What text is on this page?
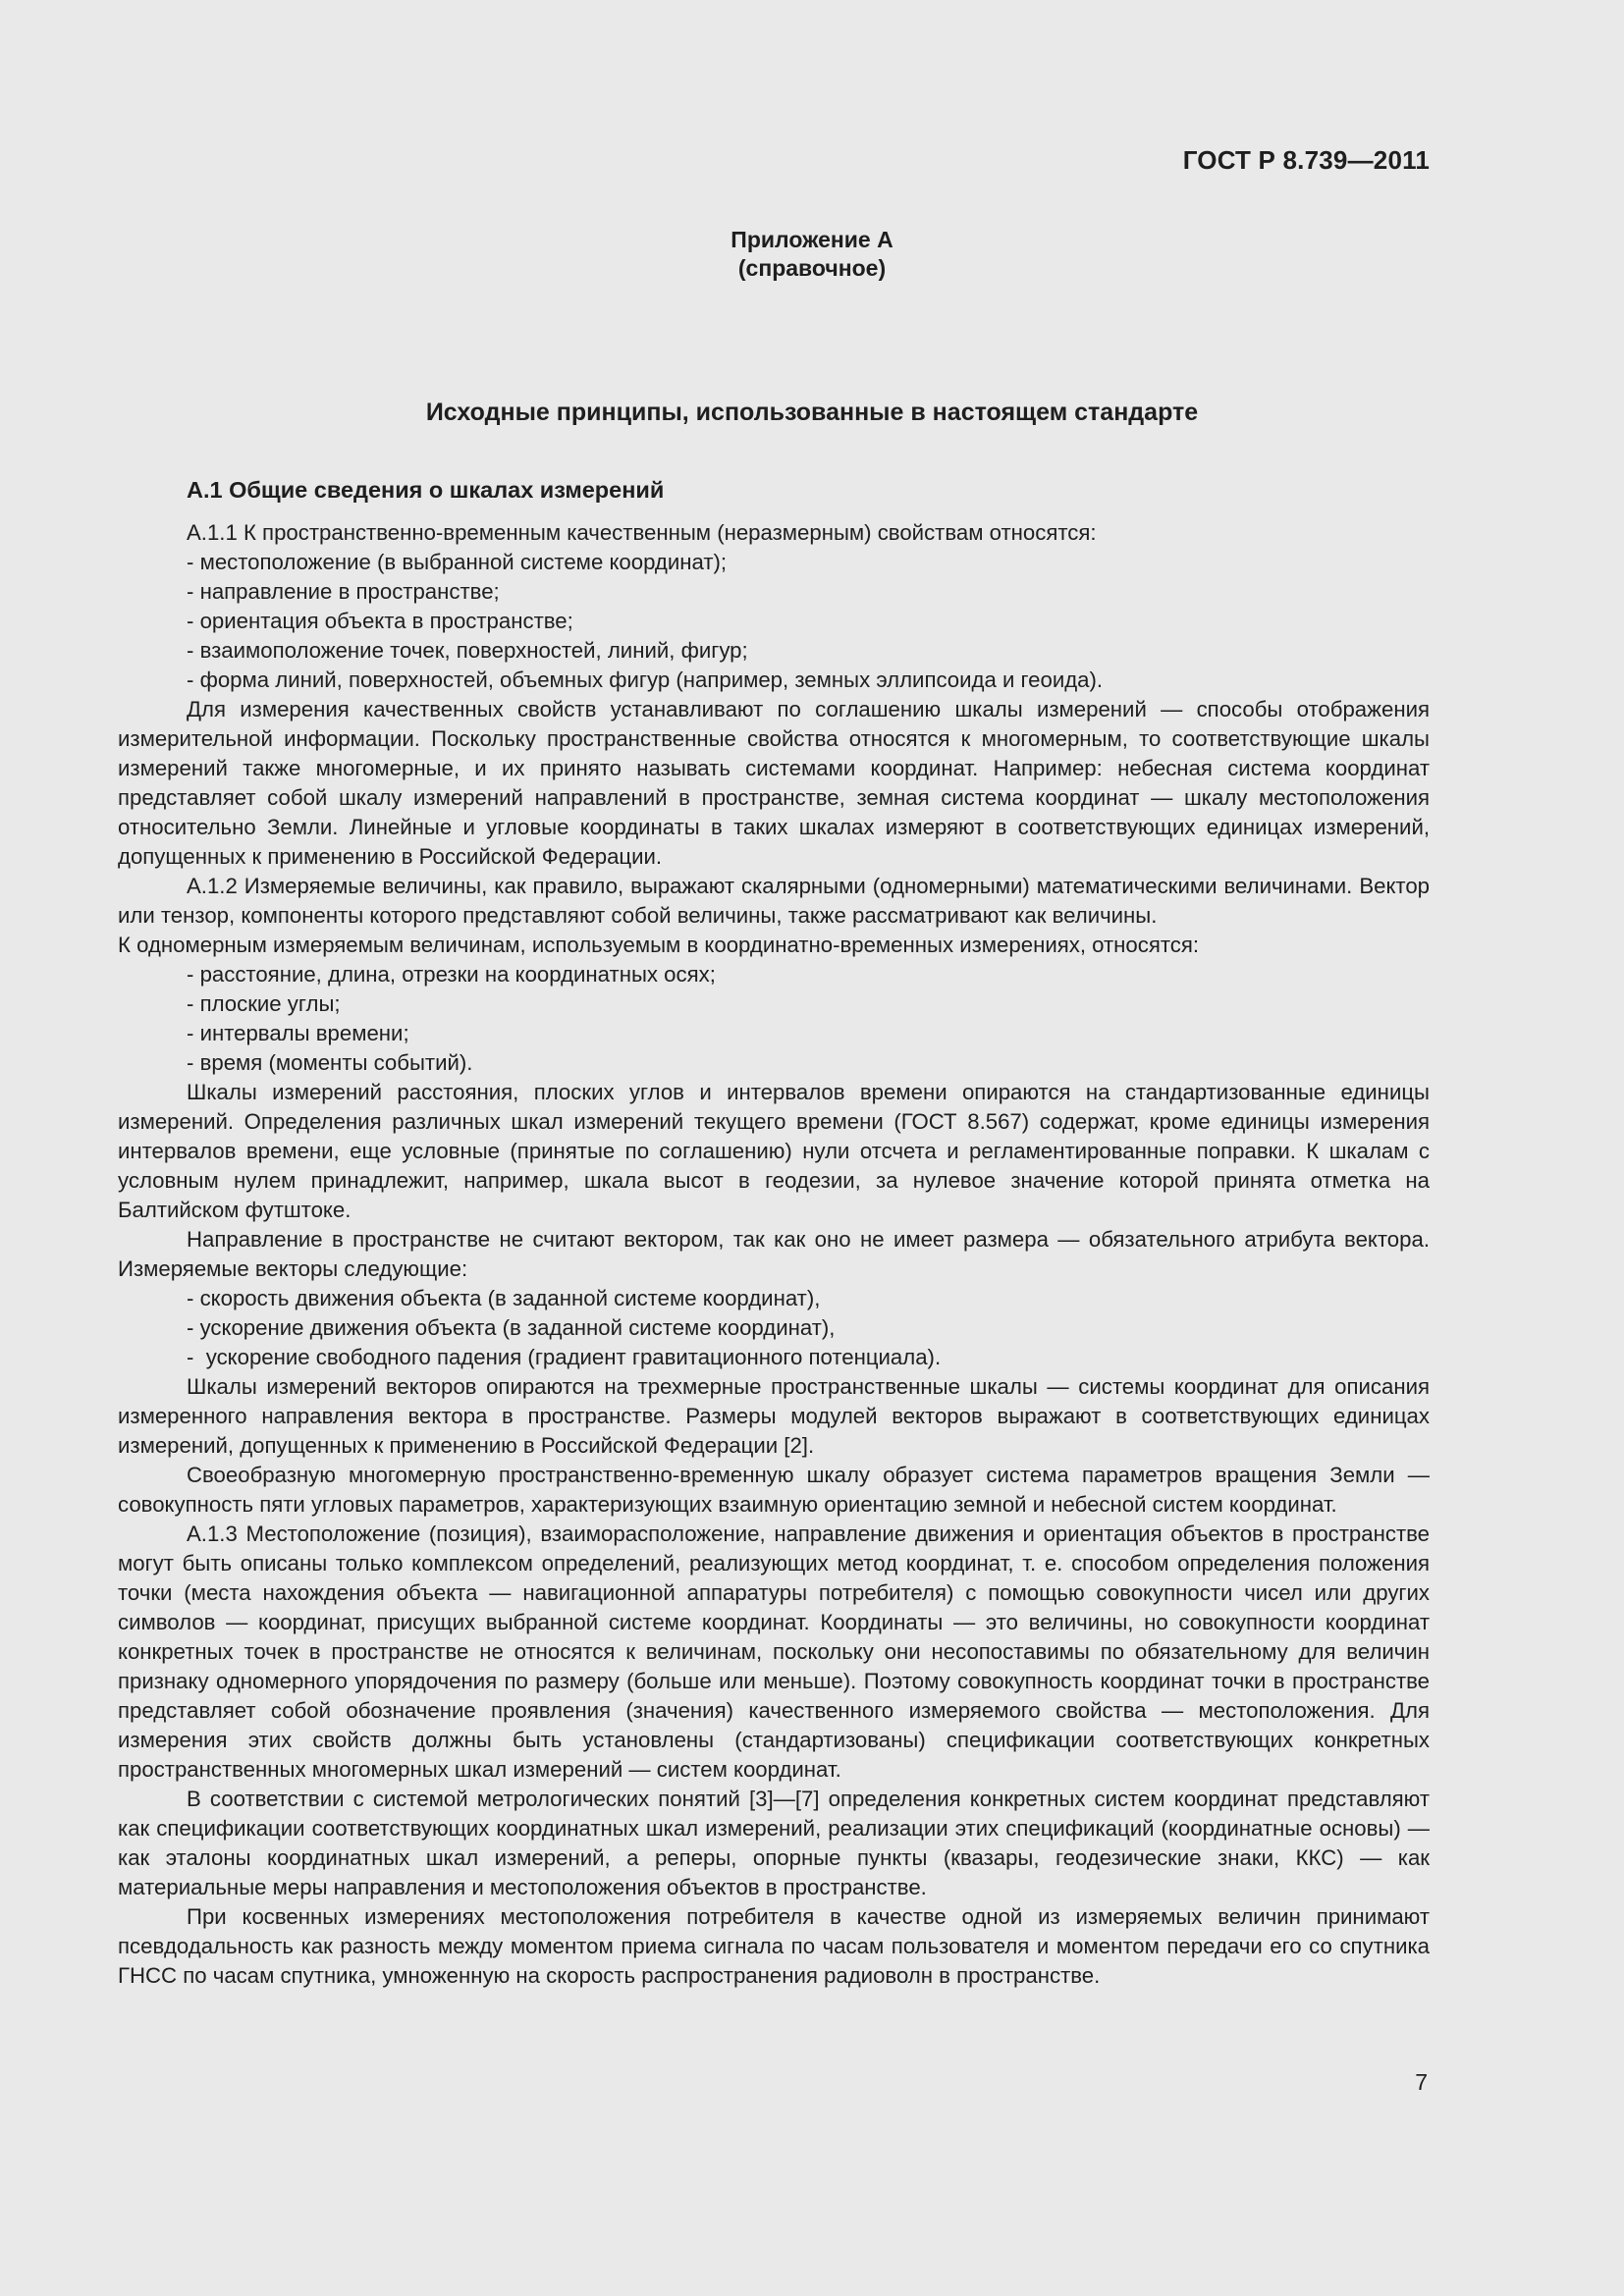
ГОСТ Р 8.739—2011
Приложение А
(справочное)
Исходные принципы, использованные в настоящем стандарте
А.1 Общие сведения о шкалах измерений

А.1.1 К пространственно-временным качественным (неразмерным) свойствам относятся:

- местоположение (в выбранной системе координат);
- направление в пространстве;
- ориентация объекта в пространстве;
- взаимоположение точек, поверхностей, линий, фигур;
- форма линий, поверхностей, объемных фигур (например, земных эллипсоида и геоида).

Для измерения качественных свойств устанавливают по соглашению шкалы измерений — способы отображения измерительной информации. Поскольку пространственные свойства относятся к многомерным, то соответствующие шкалы измерений также многомерные, и их принято называть системами координат. Например: небесная система координат представляет собой шкалу измерений направлений в пространстве, земная система координат — шкалу местоположения относительно Земли. Линейные и угловые координаты в таких шкалах измеряют в соответствующих единицах измерений, допущенных к применению в Российской Федерации.

А.1.2 Измеряемые величины, как правило, выражают скалярными (одномерными) математическими величинами. Вектор или тензор, компоненты которого представляют собой величины, также рассматривают как величины.

К одномерным измеряемым величинам, используемым в координатно-временных измерениях, относятся:

- расстояние, длина, отрезки на координатных осях;
- плоские углы;
- интервалы времени;
- время (моменты событий).

Шкалы измерений расстояния, плоских углов и интервалов времени опираются на стандартизованные единицы измерений. Определения различных шкал измерений текущего времени (ГОСТ 8.567) содержат, кроме единицы измерения интервалов времени, еще условные (принятые по соглашению) нули отсчета и регламентированные поправки. К шкалам с условным нулем принадлежит, например, шкала высот в геодезии, за нулевое значение которой принята отметка на Балтийском футштоке.

Направление в пространстве не считают вектором, так как оно не имеет размера — обязательного атрибута вектора. Измеряемые векторы следующие:

- скорость движения объекта (в заданной системе координат),
- ускорение движения объекта (в заданной системе координат),
-  ускорение свободного падения (градиент гравитационного потенциала).

Шкалы измерений векторов опираются на трехмерные пространственные шкалы — системы координат для описания измеренного направления вектора в пространстве. Размеры модулей векторов выражают в соответствующих единицах измерений, допущенных к применению в Российской Федерации [2].

Своеобразную многомерную пространственно-временную шкалу образует система параметров вращения Земли — совокупность пяти угловых параметров, характеризующих взаимную ориентацию земной и небесной систем координат.

А.1.3 Местоположение (позиция), взаиморасположение, направление движения и ориентация объектов в пространстве могут быть описаны только комплексом определений, реализующих метод координат, т. е. способом определения положения точки (места нахождения объекта — навигационной аппаратуры потребителя) с помощью совокупности чисел или других символов — координат, присущих выбранной системе координат. Координаты — это величины, но совокупности координат конкретных точек в пространстве не относятся к величинам, поскольку они несопоставимы по обязательному для величин признаку одномерного упорядочения по размеру (больше или меньше). Поэтому совокупность координат точки в пространстве представляет собой обозначение проявления (значения) качественного измеряемого свойства — местоположения. Для измерения этих свойств должны быть установлены (стандартизованы) спецификации соответствующих конкретных пространственных многомерных шкал измерений — систем координат.

В соответствии с системой метрологических понятий [3]—[7] определения конкретных систем координат представляют как спецификации соответствующих координатных шкал измерений, реализации этих спецификаций (координатные основы) — как эталоны координатных шкал измерений, а реперы, опорные пункты (квазары, геодезические знаки, ККС) — как материальные меры направления и местоположения объектов в пространстве.

При косвенных измерениях местоположения потребителя в качестве одной из измеряемых величин принимают псевдодальность как разность между моментом приема сигнала по часам пользователя и моментом передачи его со спутника ГНСС по часам спутника, умноженную на скорость распространения радиоволн в пространстве.

7
